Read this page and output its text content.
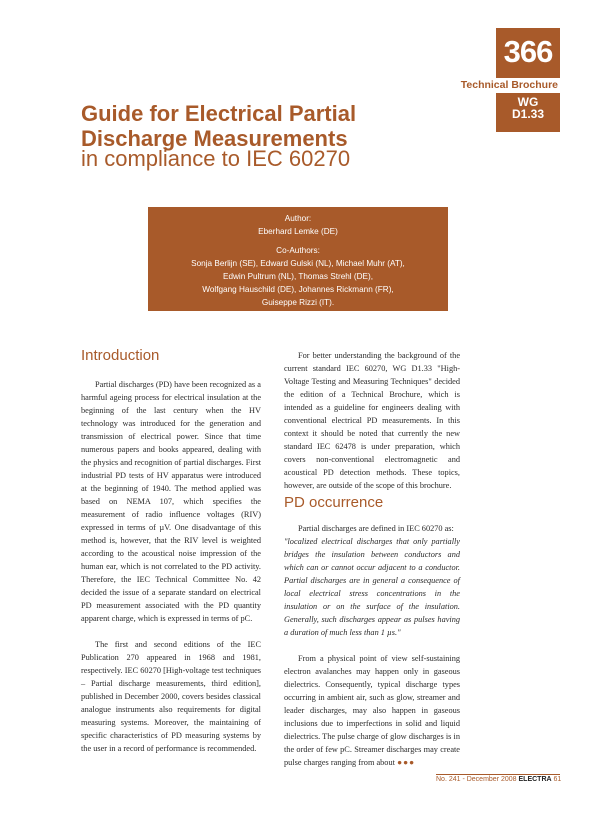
366
Technical Brochure
WG
D1.33
Guide for Electrical Partial Discharge Measurements
in compliance to IEC 60270
Author:
Eberhard Lemke (DE)
Co-Authors:
Sonja Berlijn (SE), Edward Gulski (NL), Michael Muhr (AT),
Edwin Pultrum (NL), Thomas Strehl (DE),
Wolfgang Hauschild (DE), Johannes Rickmann (FR),
Guiseppe Rizzi (IT).
Introduction

Partial discharges (PD) have been recognized as a harmful ageing process for electrical insulation at the beginning of the last century when the HV technology was introduced for the generation and transmission of electrical power. Since that time numerous papers and books appeared, dealing with the physics and recognition of partial discharges. First industrial PD tests of HV apparatus were introduced at the beginning of 1940. The method applied was based on NEMA 107, which specifies the measurement of radio influence voltages (RIV) expressed in terms of µV. One disadvantage of this method is, however, that the RIV level is weighted according to the acoustical noise impression of the human ear, which is not correlated to the PD activity. Therefore, the IEC Technical Committee No. 42 decided the issue of a separate standard on electrical PD measurement associated with the PD quantity apparent charge, which is expressed in terms of pC.

The first and second editions of the IEC Publication 270 appeared in 1968 and 1981, respectively. IEC 60270 [High-voltage test techniques – Partial discharge measurements, third edition], published in December 2000, covers besides classical analogue instruments also requirements for digital measuring systems. Moreover, the maintaining of specific characteristics of PD measuring systems by the user in a record of performance is recommended.

For better understanding the background of the current standard IEC 60270, WG D1.33 "High-Voltage Testing and Measuring Techniques" decided the edition of a Technical Brochure, which is intended as a guideline for engineers dealing with conventional electrical PD measurements. In this context it should be noted that currently the new standard IEC 62478 is under preparation, which covers non-conventional electromagnetic and acoustical PD detection methods. These topics, however, are outside of the scope of this brochure.

PD occurrence

Partial discharges are defined in IEC 60270 as:

"localized electrical discharges that only partially bridges the insulation between conductors and which can or cannot occur adjacent to a conductor. Partial discharges are in general a consequence of local electrical stress concentrations in the insulation or on the surface of the insulation. Generally, such discharges appear as pulses having a duration of much less than 1 µs."

From a physical point of view self-sustaining electron avalanches may happen only in gaseous dielectrics. Consequently, typical discharge types occurring in ambient air, such as glow, streamer and leader discharges, may also happen in gaseous inclusions due to imperfections in solid and liquid dielectrics. The pulse charge of glow discharges is in the order of few pC. Streamer discharges may create pulse charges ranging from about ●●●

No. 241 - December 2008 ELECTRA 61
